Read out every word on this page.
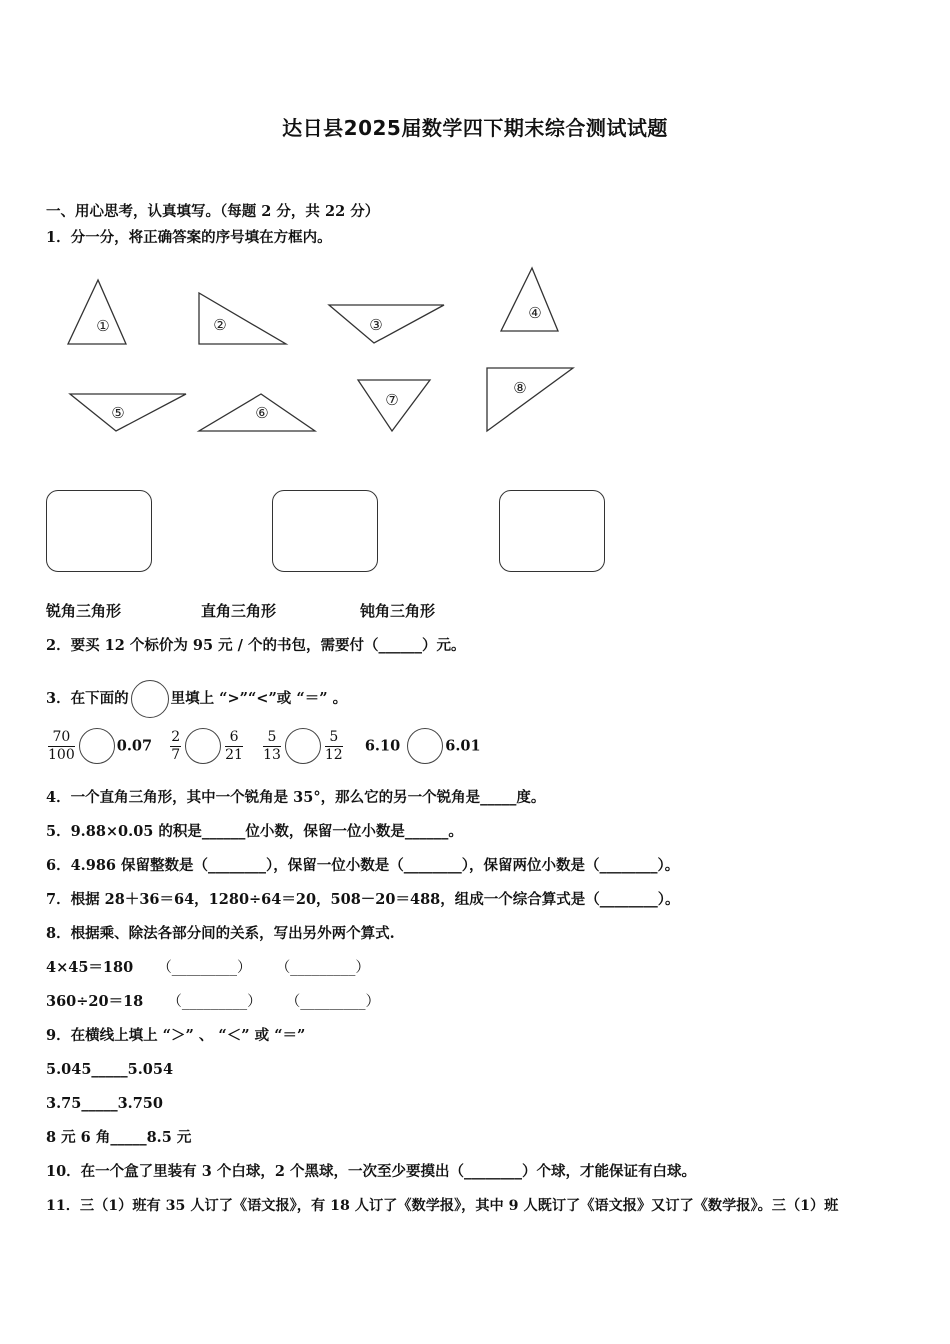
达日县2025届数学四下期末综合测试试题
一、用心思考，认真填写。（每题 2 分，共 22 分）
1．分一分，将正确答案的序号填在方框内。
①	②	③
④
⑤	⑥
⑦
⑧
锐角三角形	直角三角形	钝角三角形
2．要买 12 个标价为 95 元 / 个的书包，需要付（______）元。
3．在下面的	里填上 “>”“<”或 “＝” 。
$\frac{70}{100}$	$0.07 \frac{2}{7}$	$\frac{6}{21}$
$\frac{5}{13}$	$\frac{5}{12} 6.10$	6.01
4．一个直角三角形，其中一个锐角是 35°，那么它的另一个锐角是_____度。
5．9.88×0.05 的积是______位小数，保留一位小数是______。
6．4.986 保留整数是（________），保留一位小数是（________），保留两位小数是（________）。
7．根据 28＋36＝64，1280÷64＝20，508－20＝488，组成一个综合算式是（________）。
8．根据乘、除法各部分间的关系，写出另外两个算式.
4×45＝180 （_________） （_________）
360÷20＝18 （_________） （_________）
9．在横线上填上 “＞” 、 “＜” 或 “＝”
5.045_____5.054
3.75_____3.750
8 元 6 角_____8.5 元
10．在一个盒了里装有 3 个白球，2 个黑球，一次至少要摸出（________）个球，才能保证有白球。
11．三（1）班有 35 人订了《语文报》，有 18 人订了《数学报》，其中 9 人既订了《语文报》又订了《数学报》。三（1）班
